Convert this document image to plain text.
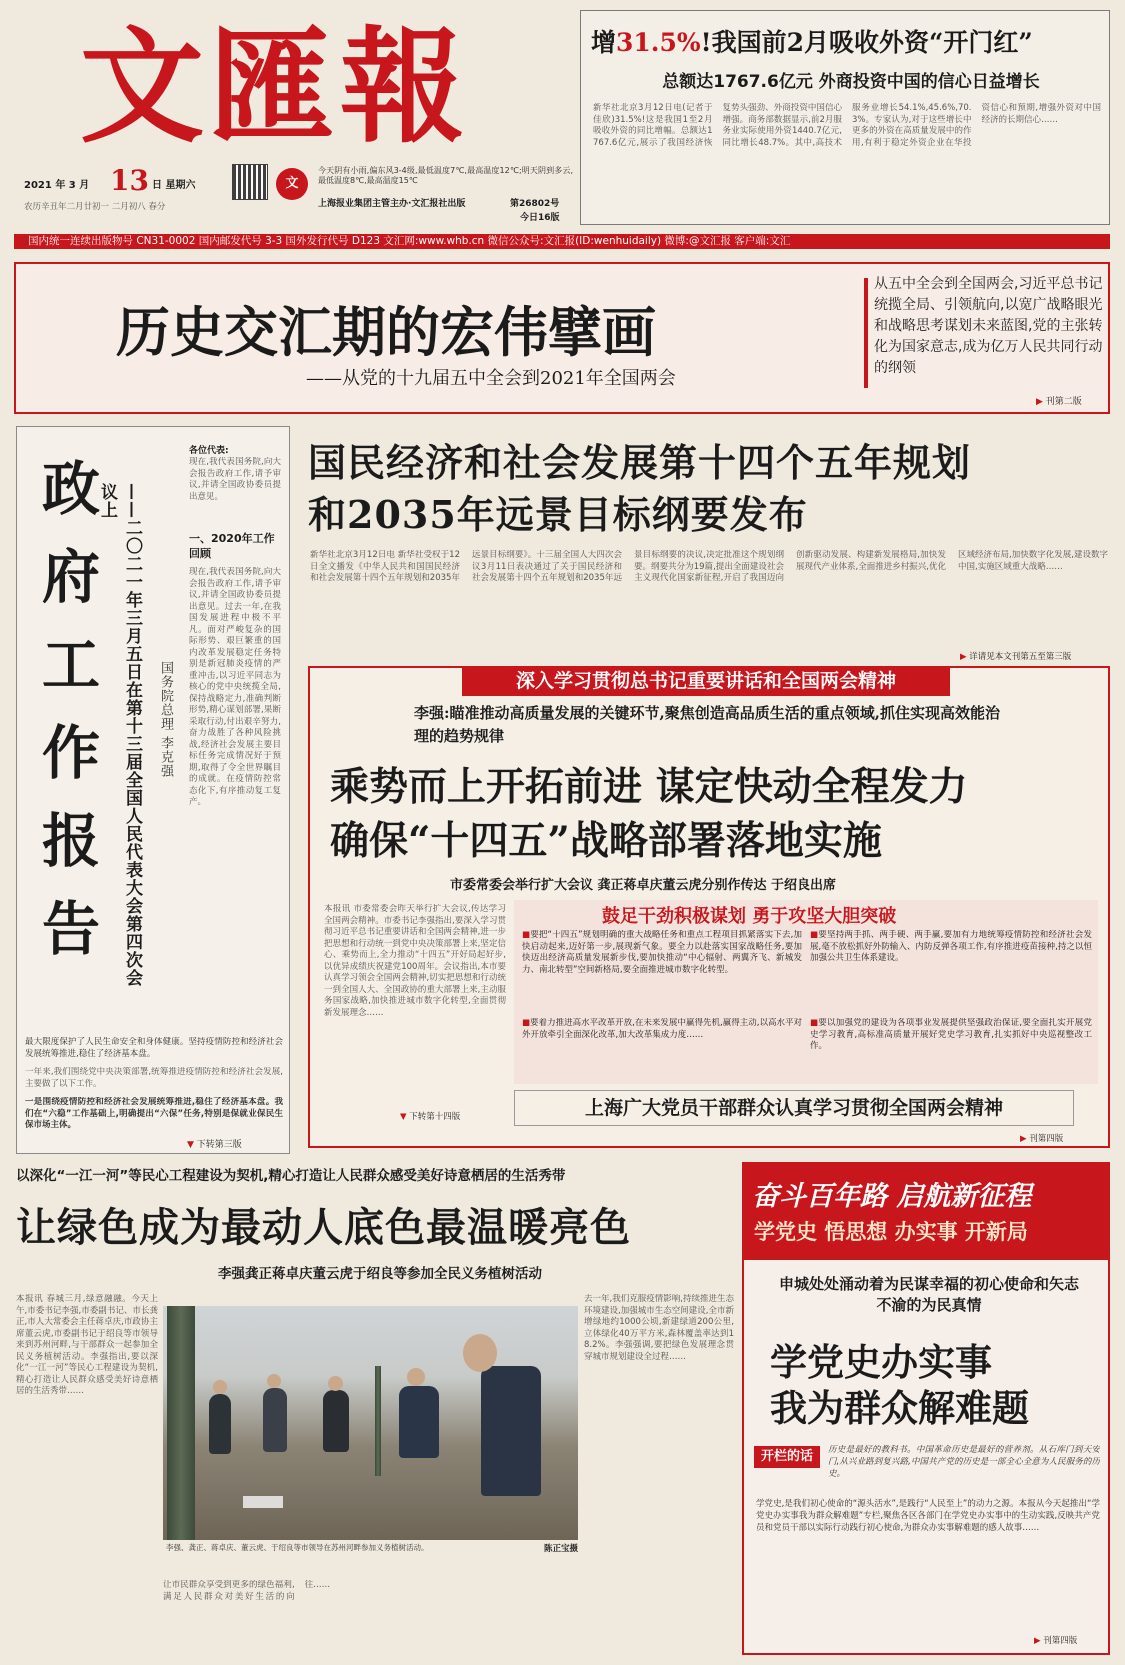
文匯報
2021 年 3 月 13 日 星期六
农历辛丑年二月廿初一 二月初八 春分
文
今天阴有小雨,偏东风3-4级,最低温度7℃,最高温度12℃;明天阴到多云,最低温度8℃,最高温度15℃
上海报业集团主管主办·文汇报社出版	第26802号
今日16版
增31.5%!我国前2月吸收外资“开门红”
总额达1767.6亿元 外商投资中国的信心日益增长
新华社北京3月12日电(记者于佳欣)31.5%!这是我国1至2月吸收外资的同比增幅。总额达1767.6亿元,展示了我国经济恢复势头强劲、外商投资中国信心增强。商务部数据显示,前2月服务业实际使用外资1440.7亿元,同比增长48.7%。其中,高技术服务业增长54.1%,45.6%,70.3%。专家认为,对于这些增长中更多的外资在高质量发展中的作用,有利于稳定外资企业在华投资信心和预期,增强外资对中国经济的长期信心……
国内统一连续出版物号 CN31-0002 国内邮发代号 3-3 国外发行代号 D123 文汇网:www.whb.cn 微信公众号:文汇报(ID:wenhuidaily) 微博:@文汇报 客户端:文汇
历史交汇期的宏伟擘画
——从党的十九届五中全会到2021年全国两会
从五中全会到全国两会,习近平总书记统揽全局、引领航向,以宽广战略眼光和战略思考谋划未来蓝图,党的主张转化为国家意志,成为亿万人民共同行动的纲领
▶ 刊第二版
政
府
工
作
报
告	——二〇二一年三月五日在第十三届全国人民代表大会第四次会议上
国务院总理 李克强
各位代表:
一、2020年工作回顾
现在,我代表国务院,向大会报告政府工作,请予审议,并请全国政协委员提出意见。
现在,我代表国务院,向大会报告政府工作,请予审议,并请全国政协委员提出意见。过去一年,在我国发展进程中极不平凡。面对严峻复杂的国际形势、艰巨繁重的国内改革发展稳定任务特别是新冠肺炎疫情的严重冲击,以习近平同志为核心的党中央统揽全局,保持战略定力,准确判断形势,精心谋划部署,果断采取行动,付出艰辛努力,奋力战胜了各种风险挑战,经济社会发展主要目标任务完成情况好于预期,取得了令全世界瞩目的成就。在疫情防控常态化下,有序推动复工复产。
最大限度保护了人民生命安全和身体健康。坚持疫情防控和经济社会发展统筹推进,稳住了经济基本盘。
一年来,我们围绕党中央决策部署,统筹推进疫情防控和经济社会发展,主要做了以下工作。
一是围绕疫情防控和经济社会发展统筹推进,稳住了经济基本盘。我们在“六稳”工作基础上,明确提出“六保”任务,特别是保就业保民生保市场主体。
▼ 下转第三版
国民经济和社会发展第十四个五年规划
和2035年远景目标纲要发布
新华社北京3月12日电 新华社受权于12日全文播发《中华人民共和国国民经济和社会发展第十四个五年规划和2035年远景目标纲要》。十三届全国人大四次会议3月11日表决通过了关于国民经济和社会发展第十四个五年规划和2035年远景目标纲要的决议,决定批准这个规划纲要。纲要共分为19篇,提出全面建设社会主义现代化国家新征程,开启了我国迈向创新驱动发展、构建新发展格局,加快发展现代产业体系,全面推进乡村振兴,优化区域经济布局,加快数字化发展,建设数字中国,实施区域重大战略……
▶ 详请见本文刊第五至第三版
深入学习贯彻总书记重要讲话和全国两会精神
李强:瞄准推动高质量发展的关键环节,聚焦创造高品质生活的重点领域,抓住实现高效能治理的趋势规律
乘势而上开拓前进 谋定快动全程发力
确保“十四五”战略部署落地实施
市委常委会举行扩大会议 龚正蒋卓庆董云虎分别作传达 于绍良出席
本报讯 市委常委会昨天举行扩大会议,传达学习全国两会精神。市委书记李强指出,要深入学习贯彻习近平总书记重要讲话和全国两会精神,进一步把思想和行动统一到党中央决策部署上来,坚定信心、乘势而上,全力推动“十四五”开好局起好步,以优异成绩庆祝建党100周年。会议指出,本市要认真学习领会全国两会精神,切实把思想和行动统一到全国人大、全国政协的重大部署上来,主动服务国家战略,加快推进城市数字化转型,全面贯彻新发展理念……
▼ 下转第十四版
鼓足干劲积极谋划 勇于攻坚大胆突破
■要把“十四五”规划明确的重大战略任务和重点工程项目抓紧落实下去,加快启动起来,迈好第一步,展现新气象。要全力以赴落实国家战略任务,要加快迈出经济高质量发展新步伐,要加快推动“中心辐射、两翼齐飞、新城发力、南北转型”空间新格局,要全面推进城市数字化转型。
■要坚持两手抓、两手硬、两手赢,要加有力地统筹疫情防控和经济社会发展,毫不放松抓好外防输入、内防反弹各项工作,有序推进疫苗接种,持之以恒加强公共卫生体系建设。
■要着力推进高水平改革开放,在未来发展中赢得先机,赢得主动,以高水平对外开放牵引全面深化改革,加大改革集成力度……
■要以加强党的建设为各项事业发展提供坚强政治保证,要全面扎实开展党史学习教育,高标准高质量开展好党史学习教育,扎实抓好中央巡视整改工作。
上海广大党员干部群众认真学习贯彻全国两会精神
▶ 刊第四版
以深化“一江一河”等民心工程建设为契机,精心打造让人民群众感受美好诗意栖居的生活秀带
让绿色成为最动人底色最温暖亮色
李强龚正蒋卓庆董云虎于绍良等参加全民义务植树活动
本报讯 春城三月,绿意融融。今天上午,市委书记李强,市委副书记、市长龚正,市人大常委会主任蒋卓庆,市政协主席董云虎,市委副书记于绍良等市领导来到苏州河畔,与干部群众一起参加全民义务植树活动。李强指出,要以深化“一江一河”等民心工程建设为契机,精心打造让人民群众感受美好诗意栖居的生活秀带……
去一年,我们克服疫情影响,持续推进生态环境建设,加强城市生态空间建设,全市新增绿地约1000公顷,新建绿道200公里,立体绿化40万平方米,森林覆盖率达到18.2%。李强强调,要把绿色发展理念贯穿城市规划建设全过程……
让市民群众享受到更多的绿色福利,满足人民群众对美好生活的向往……
李强、龚正、蒋卓庆、董云虎、于绍良等市领导在苏州河畔参加义务植树活动。	陈正宝摄
奋斗百年路 启航新征程
学党史 悟思想 办实事 开新局
申城处处涌动着为民谋幸福的初心使命和矢志不渝的为民真情
学党史办实事
我为群众解难题
开栏的话	历史是最好的教科书。中国革命历史是最好的营养剂。从石库门到天安门,从兴业路到复兴路,中国共产党的历史是一部全心全意为人民服务的历史。
学党史,是我们初心使命的“源头活水”,是践行“人民至上”的动力之源。本报从今天起推出“学党史办实事我为群众解难题”专栏,聚焦各区各部门在学党史办实事中的生动实践,反映共产党员和党员干部以实际行动践行初心使命,为群众办实事解难题的感人故事……
▶ 刊第四版
